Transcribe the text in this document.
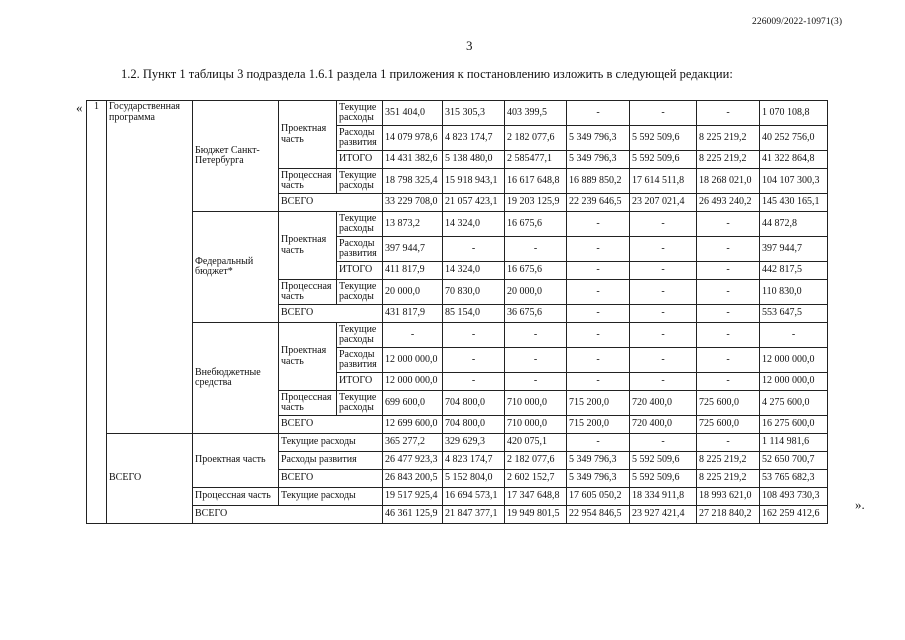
226009/2022-10971(3)
3
1.2. Пункт 1 таблицы 3 подраздела 1.6.1 раздела 1 приложения к постановлению изложить в следующей редакции:
«
».
1	Государственная программа	Бюджет Санкт-Петербурга	Проектная часть	Текущие расходы	351 404,0	315 305,3	403 399,5	-	-	-	1 070 108,8
				Расходы развития	14 079 978,6	4 823 174,7	2 182 077,6	5 349 796,3	5 592 509,6	8 225 219,2	40 252 756,0
				ИТОГО	14 431 382,6	5 138 480,0	2 585477,1	5 349 796,3	5 592 509,6	8 225 219,2	41 322 864,8
			Процессная часть	Текущие расходы	18 798 325,4	15 918 943,1	16 617 648,8	16 889 850,2	17 614 511,8	18 268 021,0	104 107 300,3
			ВСЕГО		33 229 708,0	21 057 423,1	19 203 125,9	22 239 646,5	23 207 021,4	26 493 240,2	145 430 165,1
		Федеральный бюджет*	Проектная часть	Текущие расходы	13 873,2	14 324,0	16 675,6	-	-	-	44 872,8
				Расходы развития	397 944,7	-	-	-	-	-	397 944,7
				ИТОГО	411 817,9	14 324,0	16 675,6	-	-	-	442 817,5
			Процессная часть	Текущие расходы	20 000,0	70 830,0	20 000,0	-	-	-	110 830,0
			ВСЕГО		431 817,9	85 154,0	36 675,6	-	-	-	553 647,5
		Внебюджетные средства	Проектная часть	Текущие расходы	-	-	-	-	-	-	-
				Расходы развития	12 000 000,0	-	-	-	-	-	12 000 000,0
				ИТОГО	12 000 000,0	-	-	-	-	-	12 000 000,0
			Процессная часть	Текущие расходы	699 600,0	704 800,0	710 000,0	715 200,0	720 400,0	725 600,0	4 275 600,0
			ВСЕГО		12 699 600,0	704 800,0	710 000,0	715 200,0	720 400,0	725 600,0	16 275 600,0
	ВСЕГО	Проектная часть	Текущие расходы		365 277,2	329 629,3	420 075,1	-	-	-	1 114 981,6
			Расходы развития		26 477 923,3	4 823 174,7	2 182 077,6	5 349 796,3	5 592 509,6	8 225 219,2	52 650 700,7
			ВСЕГО		26 843 200,5	5 152 804,0	2 602 152,7	5 349 796,3	5 592 509,6	8 225 219,2	53 765 682,3
		Процессная часть	Текущие расходы		19 517 925,4	16 694 573,1	17 347 648,8	17 605 050,2	18 334 911,8	18 993 621,0	108 493 730,3
		ВСЕГО			46 361 125,9	21 847 377,1	19 949 801,5	22 954 846,5	23 927 421,4	27 218 840,2	162 259 412,6
